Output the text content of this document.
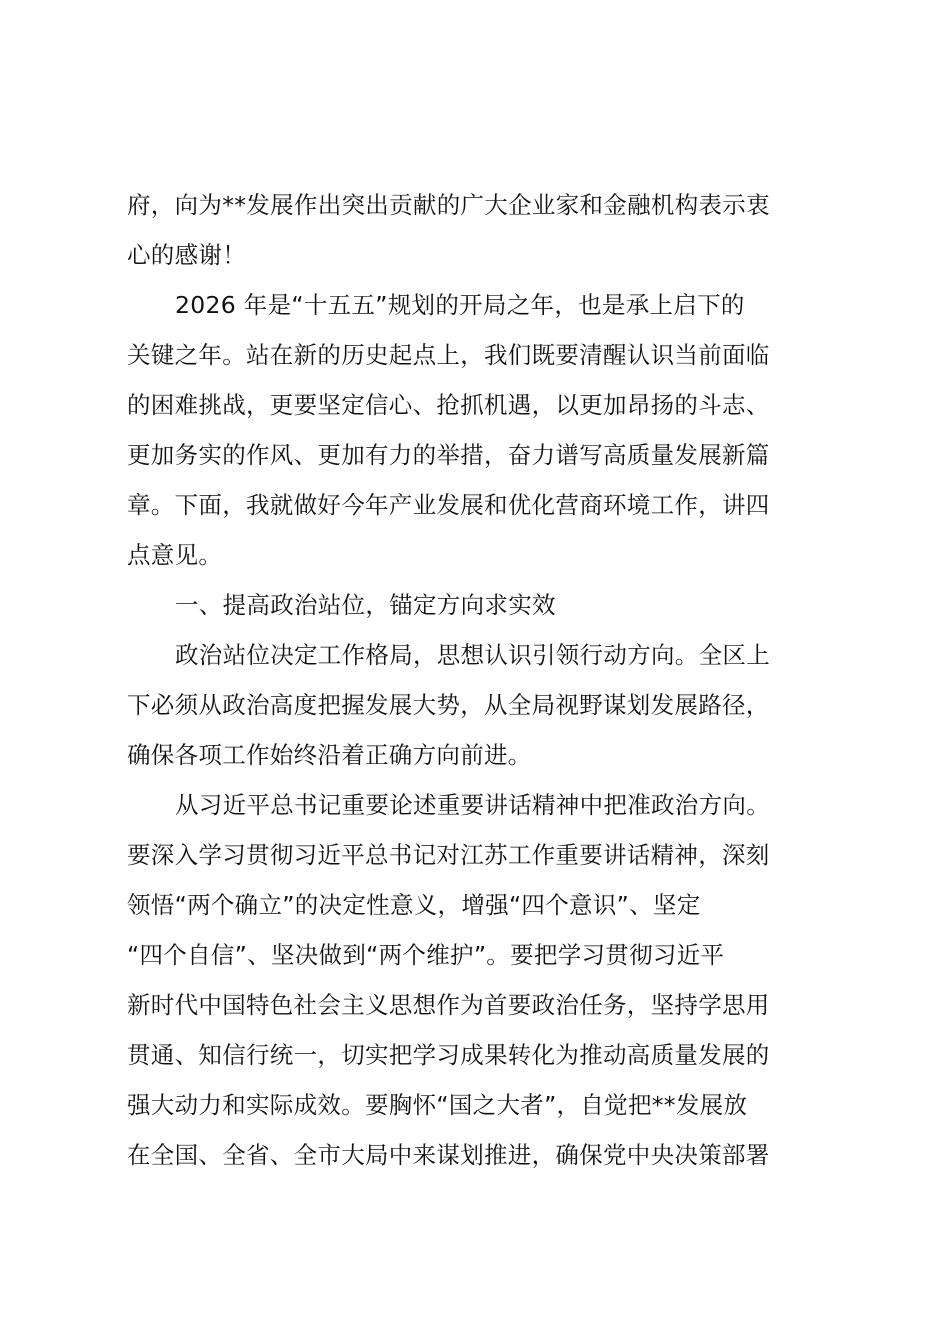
府，向为**发展作出突出贡献的广大企业家和金融机构表示衷
心的感谢！
2026 年是“十五五”规划的开局之年，也是承上启下的
关键之年。站在新的历史起点上，我们既要清醒认识当前面临
的困难挑战，更要坚定信心、抢抓机遇，以更加昂扬的斗志、
更加务实的作风、更加有力的举措，奋力谱写高质量发展新篇
章。下面，我就做好今年产业发展和优化营商环境工作，讲四
点意见。
一、提高政治站位，锚定方向求实效
政治站位决定工作格局，思想认识引领行动方向。全区上
下必须从政治高度把握发展大势，从全局视野谋划发展路径，
确保各项工作始终沿着正确方向前进。
从习近平总书记重要论述重要讲话精神中把准政治方向。
要深入学习贯彻习近平总书记对江苏工作重要讲话精神，深刻
领悟“两个确立”的决定性意义，增强“四个意识”、坚定
“四个自信”、坚决做到“两个维护”。要把学习贯彻习近平
新时代中国特色社会主义思想作为首要政治任务，坚持学思用
贯通、知信行统一，切实把学习成果转化为推动高质量发展的
强大动力和实际成效。要胸怀“国之大者”，自觉把**发展放
在全国、全省、全市大局中来谋划推进，确保党中央决策部署
